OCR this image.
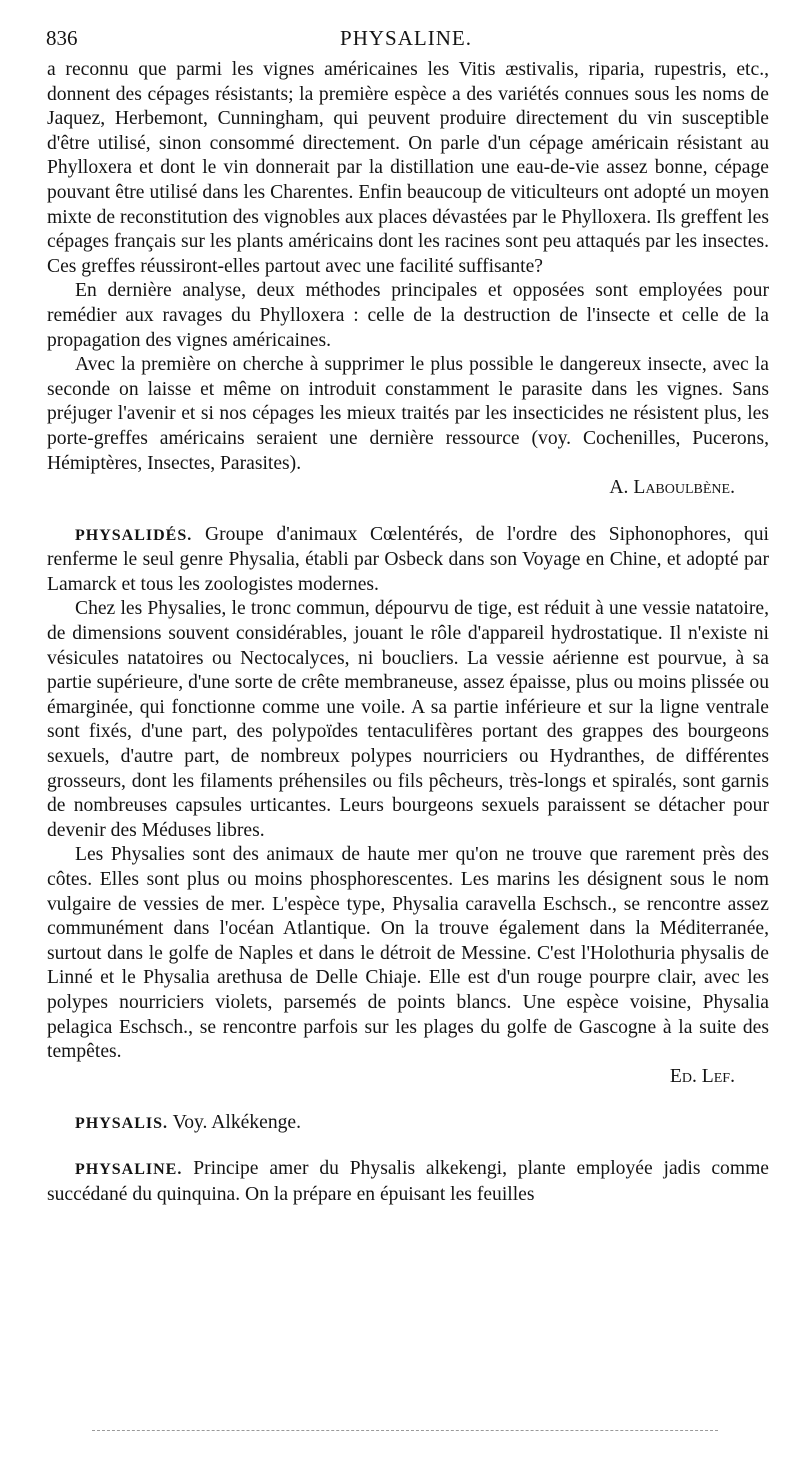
836	PHYSALINE.

a reconnu que parmi les vignes américaines les Vitis æstivalis, riparia, rupestris, etc., donnent des cépages résistants; la première espèce a des variétés connues sous les noms de Jaquez, Herbemont, Cunningham, qui peuvent produire directement du vin susceptible d'être utilisé, sinon consommé directement. On parle d'un cépage américain résistant au Phylloxera et dont le vin donnerait par la distillation une eau-de-vie assez bonne, cépage pouvant être utilisé dans les Charentes. Enfin beaucoup de viticulteurs ont adopté un moyen mixte de reconstitution des vignobles aux places dévastées par le Phylloxera. Ils greffent les cépages français sur les plants américains dont les racines sont peu attaqués par les insectes. Ces greffes réussiront-elles partout avec une facilité suffisante?

En dernière analyse, deux méthodes principales et opposées sont employées pour remédier aux ravages du Phylloxera : celle de la destruction de l'insecte et celle de la propagation des vignes américaines.

Avec la première on cherche à supprimer le plus possible le dangereux insecte, avec la seconde on laisse et même on introduit constamment le parasite dans les vignes. Sans préjuger l'avenir et si nos cépages les mieux traités par les insecticides ne résistent plus, les porte-greffes américains seraient une dernière ressource (voy. Cochenilles, Pucerons, Hémiptères, Insectes, Parasites).

A. Laboulbène.

PHYSALIDÉS. Groupe d'animaux Cœlentérés, de l'ordre des Siphonophores, qui renferme le seul genre Physalia, établi par Osbeck dans son Voyage en Chine, et adopté par Lamarck et tous les zoologistes modernes.

Chez les Physalies, le tronc commun, dépourvu de tige, est réduit à une vessie natatoire, de dimensions souvent considérables, jouant le rôle d'appareil hydrostatique. Il n'existe ni vésicules natatoires ou Nectocalyces, ni boucliers. La vessie aérienne est pourvue, à sa partie supérieure, d'une sorte de crête membraneuse, assez épaisse, plus ou moins plissée ou émarginée, qui fonctionne comme une voile. A sa partie inférieure et sur la ligne ventrale sont fixés, d'une part, des polypoïdes tentaculifères portant des grappes des bourgeons sexuels, d'autre part, de nombreux polypes nourriciers ou Hydranthes, de différentes grosseurs, dont les filaments préhensiles ou fils pêcheurs, très-longs et spiralés, sont garnis de nombreuses capsules urticantes. Leurs bourgeons sexuels paraissent se détacher pour devenir des Méduses libres.

Les Physalies sont des animaux de haute mer qu'on ne trouve que rarement près des côtes. Elles sont plus ou moins phosphorescentes. Les marins les désignent sous le nom vulgaire de vessies de mer. L'espèce type, Physalia caravella Eschsch., se rencontre assez communément dans l'océan Atlantique. On la trouve également dans la Méditerranée, surtout dans le golfe de Naples et dans le détroit de Messine. C'est l'Holothuria physalis de Linné et le Physalia arethusa de Delle Chiaje. Elle est d'un rouge pourpre clair, avec les polypes nourriciers violets, parsemés de points blancs. Une espèce voisine, Physalia pelagica Eschsch., se rencontre parfois sur les plages du golfe de Gascogne à la suite des tempêtes.

Ed. Lef.

PHYSALIS. Voy. Alkékenge.

PHYSALINE. Principe amer du Physalis alkekengi, plante employée jadis comme succédané du quinquina. On la prépare en épuisant les feuilles
